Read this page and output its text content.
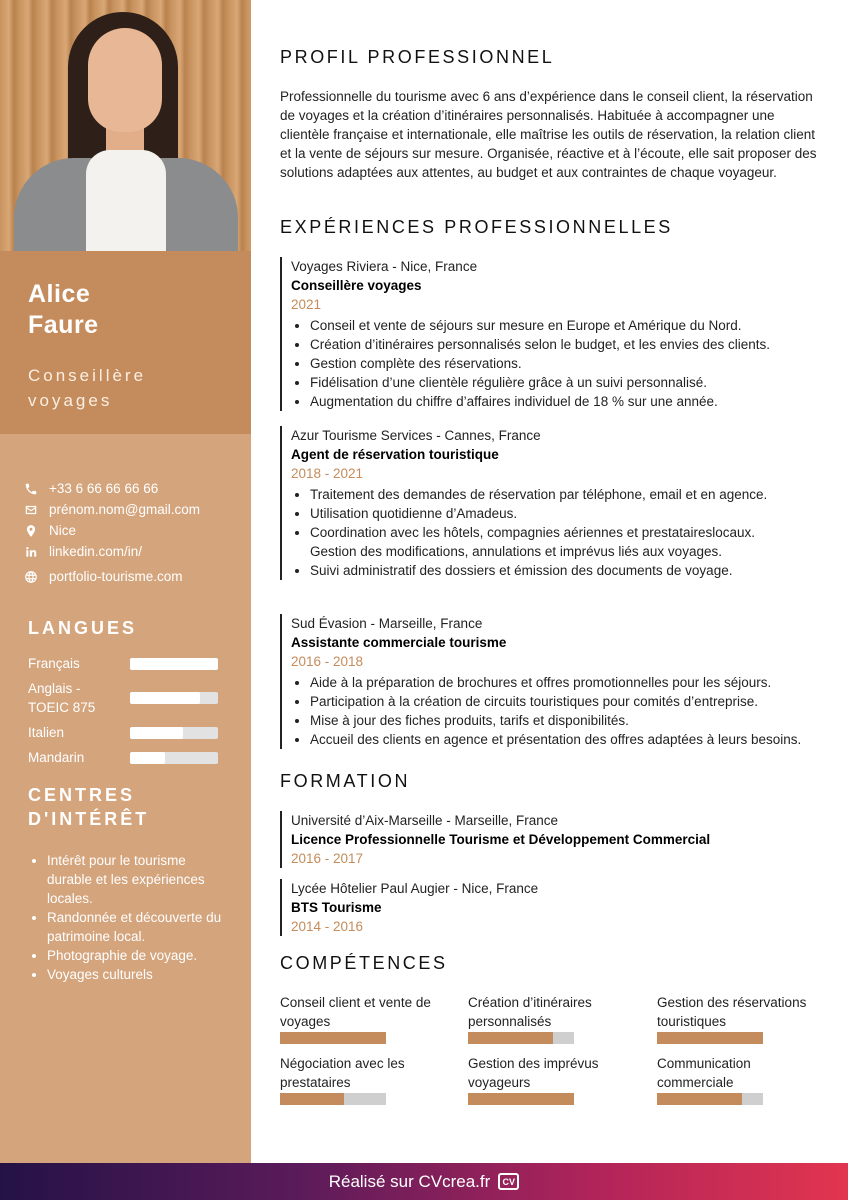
Alice
Faure
Conseillère voyages
+33 6 66 66 66 66
prénom.nom@gmail.com
Nice
linkedin.com/in/
portfolio-tourisme.com
LANGUES
Français
Anglais - TOEIC 875
Italien
Mandarin
CENTRES D'INTÉRÊT
• Intérêt pour le tourisme durable et les expériences locales.
• Randonnée et découverte du patrimoine local.
• Photographie de voyage.
• Voyages culturels
PROFIL PROFESSIONNEL
Professionnelle du tourisme avec 6 ans d’expérience dans le conseil client, la réservation de voyages et la création d’itinéraires personnalisés. Habituée à accompagner une clientèle française et internationale, elle maîtrise les outils de réservation, la relation client et la vente de séjours sur mesure. Organisée, réactive et à l’écoute, elle sait proposer des solutions adaptées aux attentes, au budget et aux contraintes de chaque voyageur.
EXPÉRIENCES PROFESSIONNELLES
Voyages Riviera - Nice, France
Conseillère voyages
2021
• Conseil et vente de séjours sur mesure en Europe et Amérique du Nord.
• Création d’itinéraires personnalisés selon le budget, et les envies des clients.
• Gestion complète des réservations.
• Fidélisation d’une clientèle régulière grâce à un suivi personnalisé.
• Augmentation du chiffre d’affaires individuel de 18 % sur une année.
Azur Tourisme Services - Cannes, France
Agent de réservation touristique
2018 - 2021
• Traitement des demandes de réservation par téléphone, email et en agence.
• Utilisation quotidienne d’Amadeus.
• Coordination avec les hôtels, compagnies aériennes et prestataireslocaux. Gestion des modifications, annulations et imprévus liés aux voyages.
• Suivi administratif des dossiers et émission des documents de voyage.
Sud Évasion - Marseille, France
Assistante commerciale tourisme
2016 - 2018
• Aide à la préparation de brochures et offres promotionnelles pour les séjours.
• Participation à la création de circuits touristiques pour comités d’entreprise.
• Mise à jour des fiches produits, tarifs et disponibilités.
• Accueil des clients en agence et présentation des offres adaptées à leurs besoins.
FORMATION
Université d’Aix-Marseille - Marseille, France
Licence Professionnelle Tourisme et Développement Commercial
2016 - 2017
Lycée Hôtelier Paul Augier - Nice, France
BTS Tourisme
2014 - 2016
COMPÉTENCES
Conseil client et vente de voyages
Création d’itinéraires personnalisés
Gestion des réservations touristiques
Négociation avec les prestataires
Gestion des imprévus voyageurs
Communication commerciale
Réalisé sur CVcrea.fr	CV
